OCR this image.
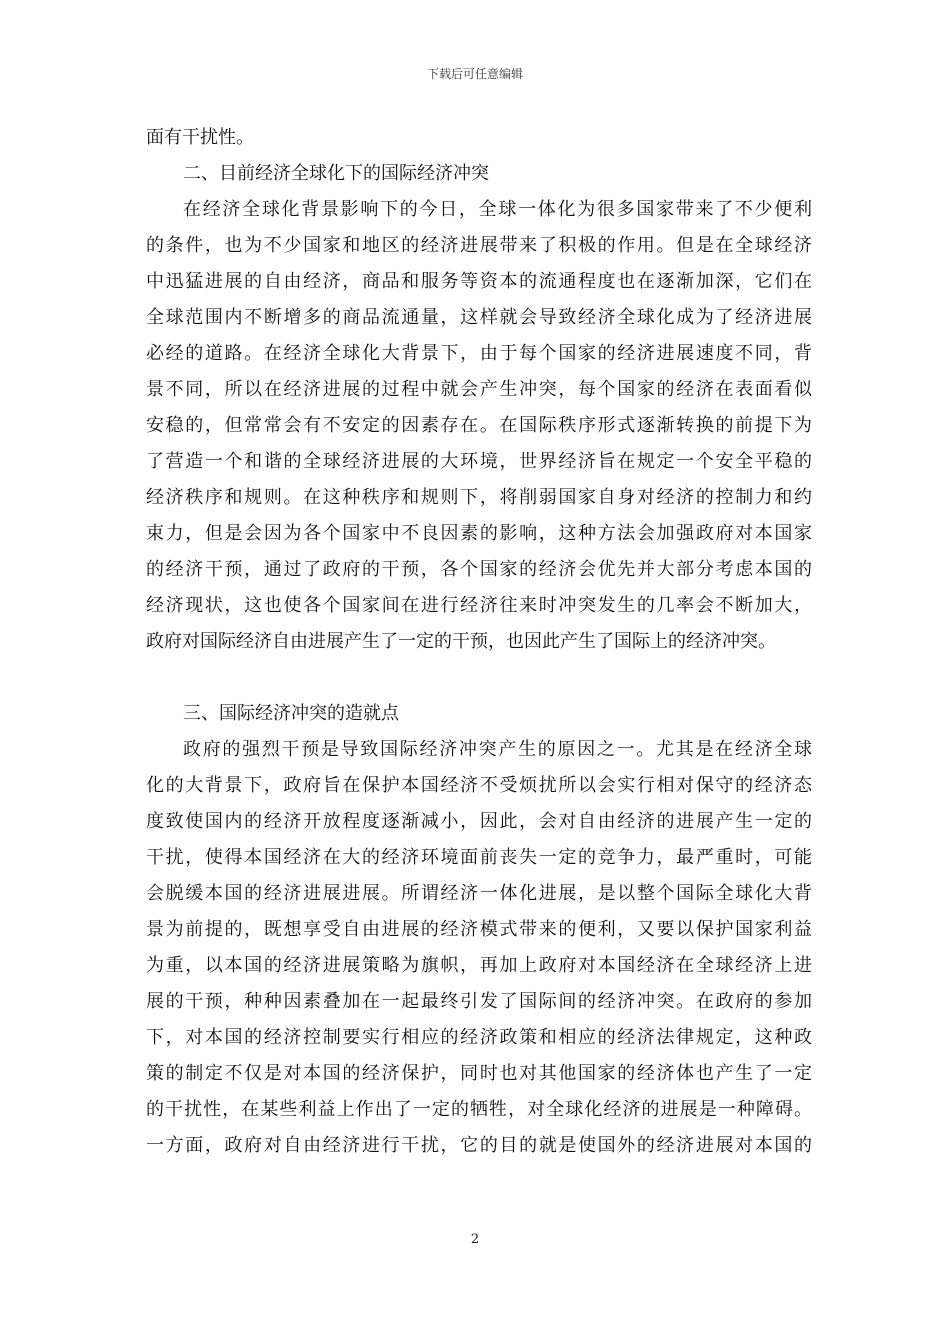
下载后可任意编辑
面有干扰性。
二、目前经济全球化下的国际经济冲突
在经济全球化背景影响下的今日，全球一体化为很多国家带来了不少便利
的条件，也为不少国家和地区的经济进展带来了积极的作用。但是在全球经济
中迅猛进展的自由经济，商品和服务等资本的流通程度也在逐渐加深，它们在
全球范围内不断增多的商品流通量，这样就会导致经济全球化成为了经济进展
必经的道路。在经济全球化大背景下，由于每个国家的经济进展速度不同，背
景不同，所以在经济进展的过程中就会产生冲突，每个国家的经济在表面看似
安稳的，但常常会有不安定的因素存在。在国际秩序形式逐渐转换的前提下为
了营造一个和谐的全球经济进展的大环境，世界经济旨在规定一个安全平稳的
经济秩序和规则。在这种秩序和规则下，将削弱国家自身对经济的控制力和约
束力，但是会因为各个国家中不良因素的影响，这种方法会加强政府对本国家
的经济干预，通过了政府的干预，各个国家的经济会优先并大部分考虑本国的
经济现状，这也使各个国家间在进行经济往来时冲突发生的几率会不断加大，
政府对国际经济自由进展产生了一定的干预，也因此产生了国际上的经济冲突。
三、国际经济冲突的造就点
政府的强烈干预是导致国际经济冲突产生的原因之一。尤其是在经济全球
化的大背景下，政府旨在保护本国经济不受烦扰所以会实行相对保守的经济态
度致使国内的经济开放程度逐渐减小，因此，会对自由经济的进展产生一定的
干扰，使得本国经济在大的经济环境面前丧失一定的竞争力，最严重时，可能
会脱缓本国的经济进展进展。所谓经济一体化进展，是以整个国际全球化大背
景为前提的，既想享受自由进展的经济模式带来的便利，又要以保护国家利益
为重，以本国的经济进展策略为旗帜，再加上政府对本国经济在全球经济上进
展的干预，种种因素叠加在一起最终引发了国际间的经济冲突。在政府的参加
下，对本国的经济控制要实行相应的经济政策和相应的经济法律规定，这种政
策的制定不仅是对本国的经济保护，同时也对其他国家的经济体也产生了一定
的干扰性，在某些利益上作出了一定的牺牲，对全球化经济的进展是一种障碍。
一方面，政府对自由经济进行干扰，它的目的就是使国外的经济进展对本国的
2
